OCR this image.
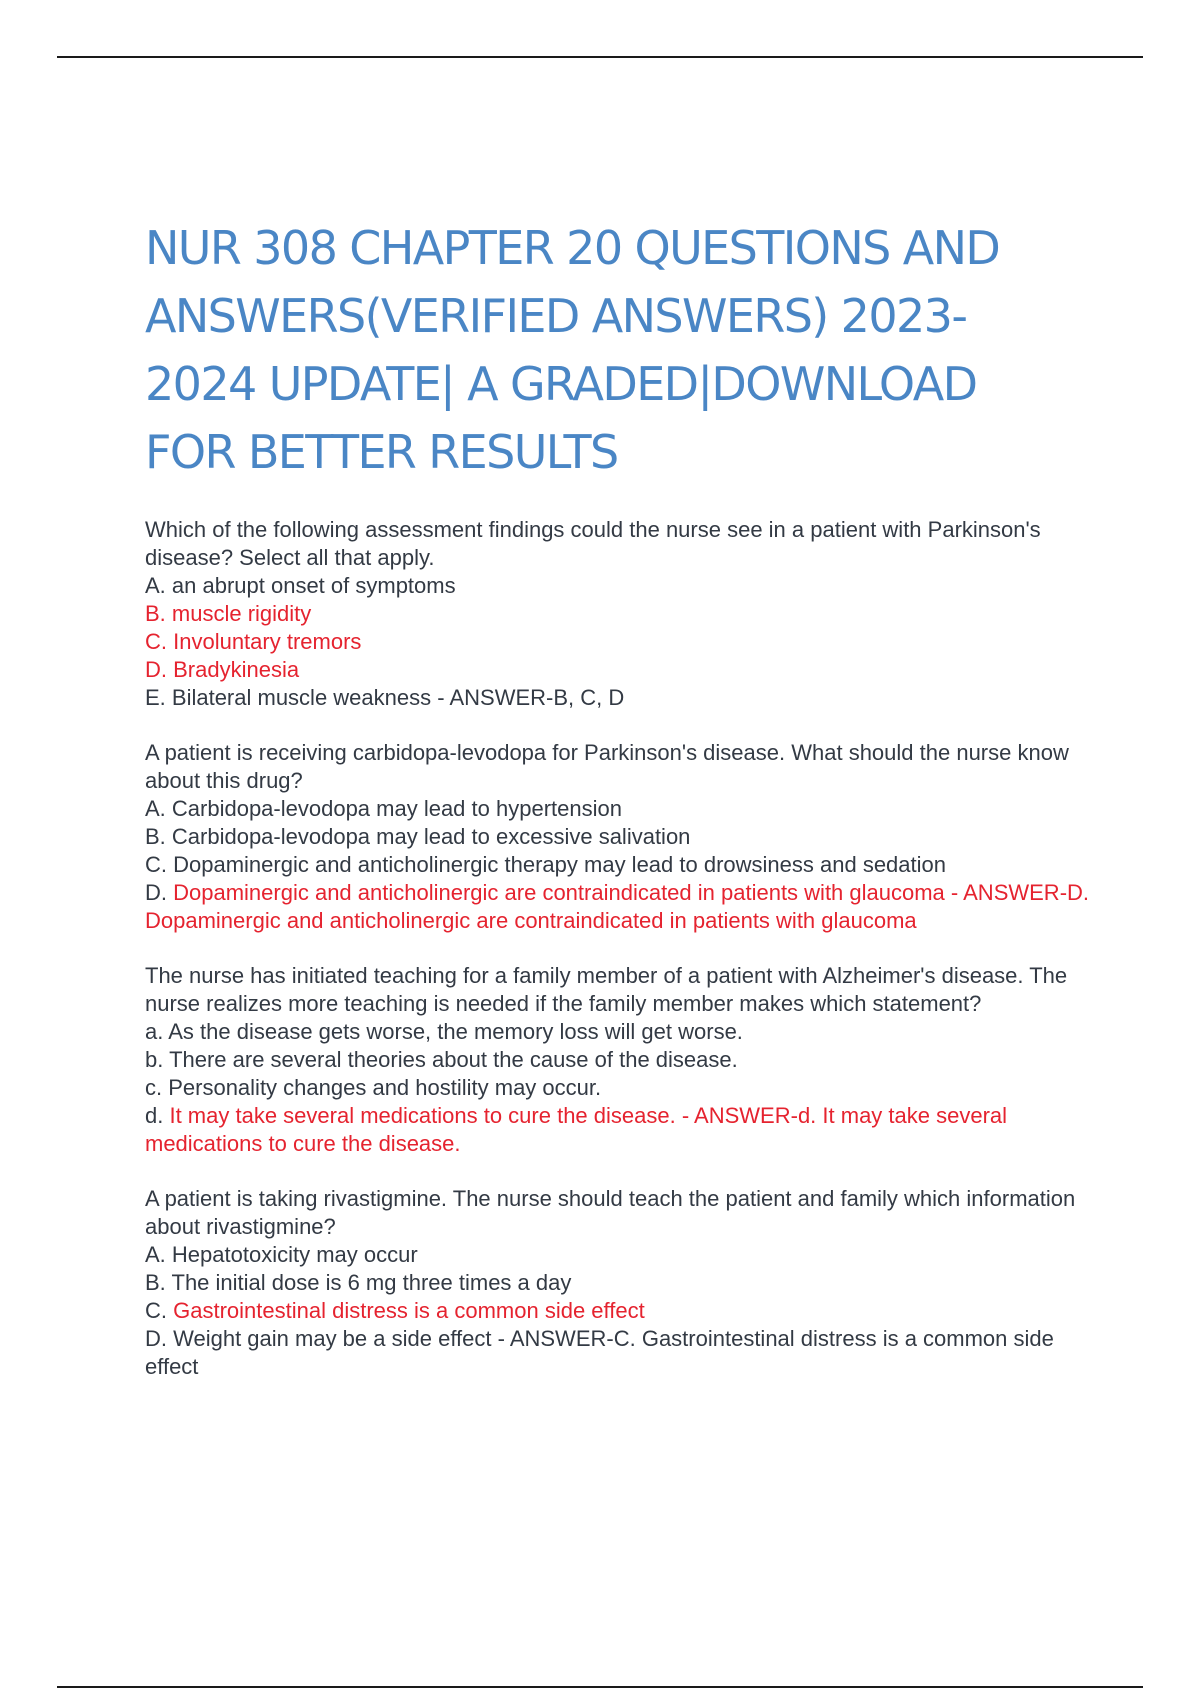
NUR 308 CHAPTER 20 QUESTIONS AND ANSWERS(VERIFIED ANSWERS) 2023-2024 UPDATE| A GRADED|DOWNLOAD FOR BETTER RESULTS

Which of the following assessment findings could the nurse see in a patient with Parkinson's disease? Select all that apply.

A. an abrupt onset of symptoms

B. muscle rigidity

C. Involuntary tremors

D. Bradykinesia

E. Bilateral muscle weakness - ANSWER-B, C, D

A patient is receiving carbidopa-levodopa for Parkinson's disease. What should the nurse know about this drug?

A. Carbidopa-levodopa may lead to hypertension

B. Carbidopa-levodopa may lead to excessive salivation

C. Dopaminergic and anticholinergic therapy may lead to drowsiness and sedation

D. Dopaminergic and anticholinergic are contraindicated in patients with glaucoma - ANSWER-D. Dopaminergic and anticholinergic are contraindicated in patients with glaucoma

The nurse has initiated teaching for a family member of a patient with Alzheimer's disease. The nurse realizes more teaching is needed if the family member makes which statement?

a. As the disease gets worse, the memory loss will get worse.

b. There are several theories about the cause of the disease.

c. Personality changes and hostility may occur.

d. It may take several medications to cure the disease. - ANSWER-d. It may take several medications to cure the disease.

A patient is taking rivastigmine. The nurse should teach the patient and family which information about rivastigmine?

A. Hepatotoxicity may occur

B. The initial dose is 6 mg three times a day

C. Gastrointestinal distress is a common side effect

D. Weight gain may be a side effect - ANSWER-C. Gastrointestinal distress is a common side effect
